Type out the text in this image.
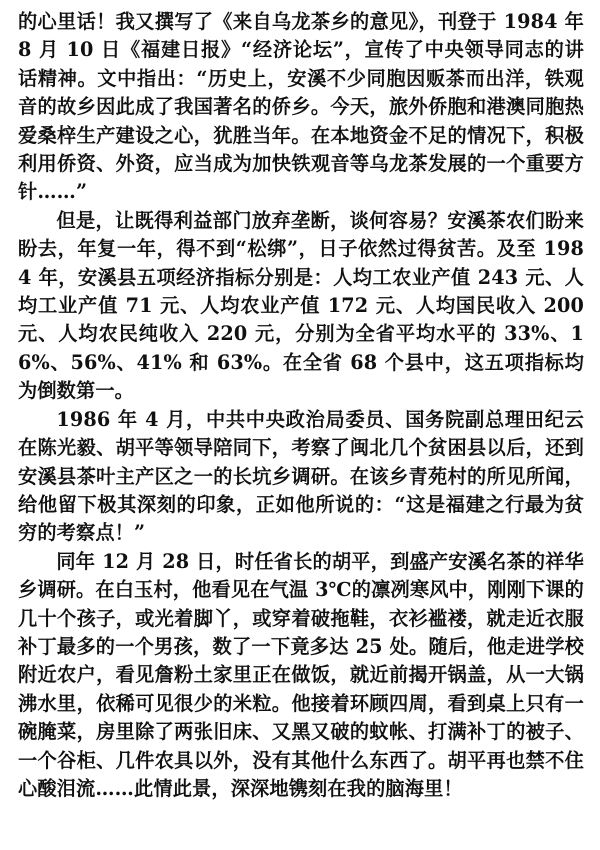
的心里话！我又撰写了《来自乌龙茶乡的意见》，刊登于 1984 年 8 月 10 日《福建日报》“经济论坛”，宣传了中央领导同志的讲话精神。文中指出：“历史上，安溪不少同胞因贩茶而出洋，铁观音的故乡因此成了我国著名的侨乡。今天，旅外侨胞和港澳同胞热爱桑梓生产建设之心，犹胜当年。在本地资金不足的情况下，积极利用侨资、外资，应当成为加快铁观音等乌龙茶发展的一个重要方针……”

但是，让既得利益部门放弃垄断，谈何容易？安溪茶农们盼来盼去，年复一年，得不到“松绑”，日子依然过得贫苦。及至 1984 年，安溪县五项经济指标分别是：人均工农业产值 243 元、人均工业产值 71 元、人均农业产值 172 元、人均国民收入 200 元、人均农民纯收入 220 元，分别为全省平均水平的 33%、16%、56%、41% 和 63%。在全省 68 个县中，这五项指标均为倒数第一。

1986 年 4 月，中共中央政治局委员、国务院副总理田纪云在陈光毅、胡平等领导陪同下，考察了闽北几个贫困县以后，还到安溪县茶叶主产区之一的长坑乡调研。在该乡青苑村的所见所闻，给他留下极其深刻的印象，正如他所说的：“这是福建之行最为贫穷的考察点！”

同年 12 月 28 日，时任省长的胡平，到盛产安溪名茶的祥华乡调研。在白玉村，他看见在气温 3℃的凛冽寒风中，刚刚下课的几十个孩子，或光着脚丫，或穿着破拖鞋，衣衫褴褛，就走近衣服补丁最多的一个男孩，数了一下竟多达 25 处。随后，他走进学校附近农户，看见詹粉土家里正在做饭，就近前揭开锅盖，从一大锅沸水里，依稀可见很少的米粒。他接着环顾四周，看到桌上只有一碗腌菜，房里除了两张旧床、又黑又破的蚊帐、打满补丁的被子、一个谷柜、几件农具以外，没有其他什么东西了。胡平再也禁不住心酸泪流……此情此景，深深地镌刻在我的脑海里！
